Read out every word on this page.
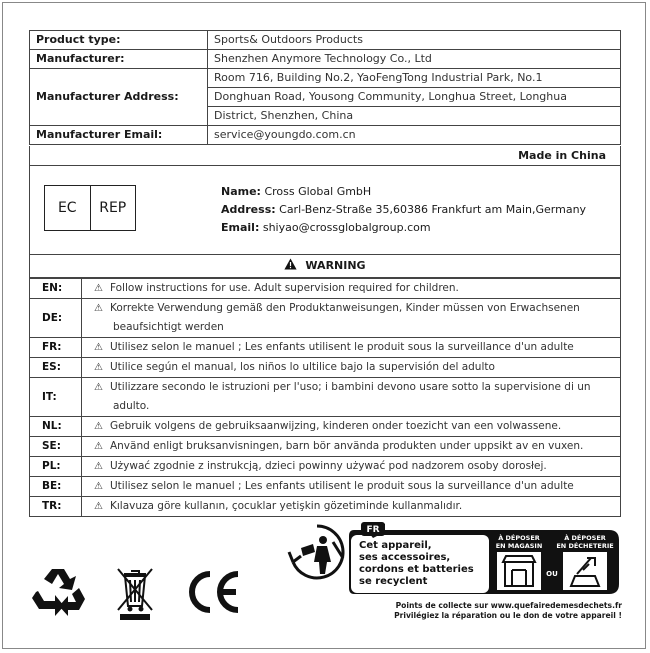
Product type:	Sports& Outdoors Products
Manufacturer:	Shenzhen Anymore Technology Co., Ltd
Manufacturer Address:	Room 716, Building No.2, YaoFengTong Industrial Park, No.1
	Donghuan Road, Yousong Community, Longhua Street, Longhua
	District, Shenzhen, China
Manufacturer Email:	service@youngdo.com.cn
Made in China
EC	REP
Name: Cross Global GmbH
Address: Carl-Benz-Straße 35,60386 Frankfurt am Main,Germany
Email: shiyao@crossglobalgroup.com
WARNING
EN:	⚠ Follow instructions for use. Adult supervision required for children.
DE:	⚠ Korrekte Verwendung gemäß den Produktanweisungen, Kinder müssen von Erwachsenen
beaufsichtigt werden
FR:	⚠ Utilisez selon le manuel ; Les enfants utilisent le produit sous la surveillance d'un adulte
ES:	⚠ Utilice según el manual, los niños lo ultilice bajo la supervisión del adulto
IT:	⚠ Utilizzare secondo le istruzioni per l'uso; i bambini devono usare sotto la supervisione di un
adulto.
NL:	⚠ Gebruik volgens de gebruiksaanwijzing, kinderen onder toezicht van een volwassene.
SE:	⚠ Använd enligt bruksanvisningen, barn bör använda produkten under uppsikt av en vuxen.
PL:	⚠ Używać zgodnie z instrukcją, dzieci powinny używać pod nadzorem osoby dorosłej.
BE:	⚠ Utilisez selon le manuel ; Les enfants utilisent le produit sous la surveillance d'un adulte
TR:	⚠ Kılavuza göre kullanın, çocuklar yetişkin gözetiminde kullanmalıdır.
FR
Cet appareil,
ses accessoires,
cordons et batteries
se recyclent
À DÉPOSER
EN MAGASIN
À DÉPOSER
EN DÉCHETERIE
OU
Points de collecte sur www.quefairedemesdechets.fr
Privilégiez la réparation ou le don de votre appareil !
